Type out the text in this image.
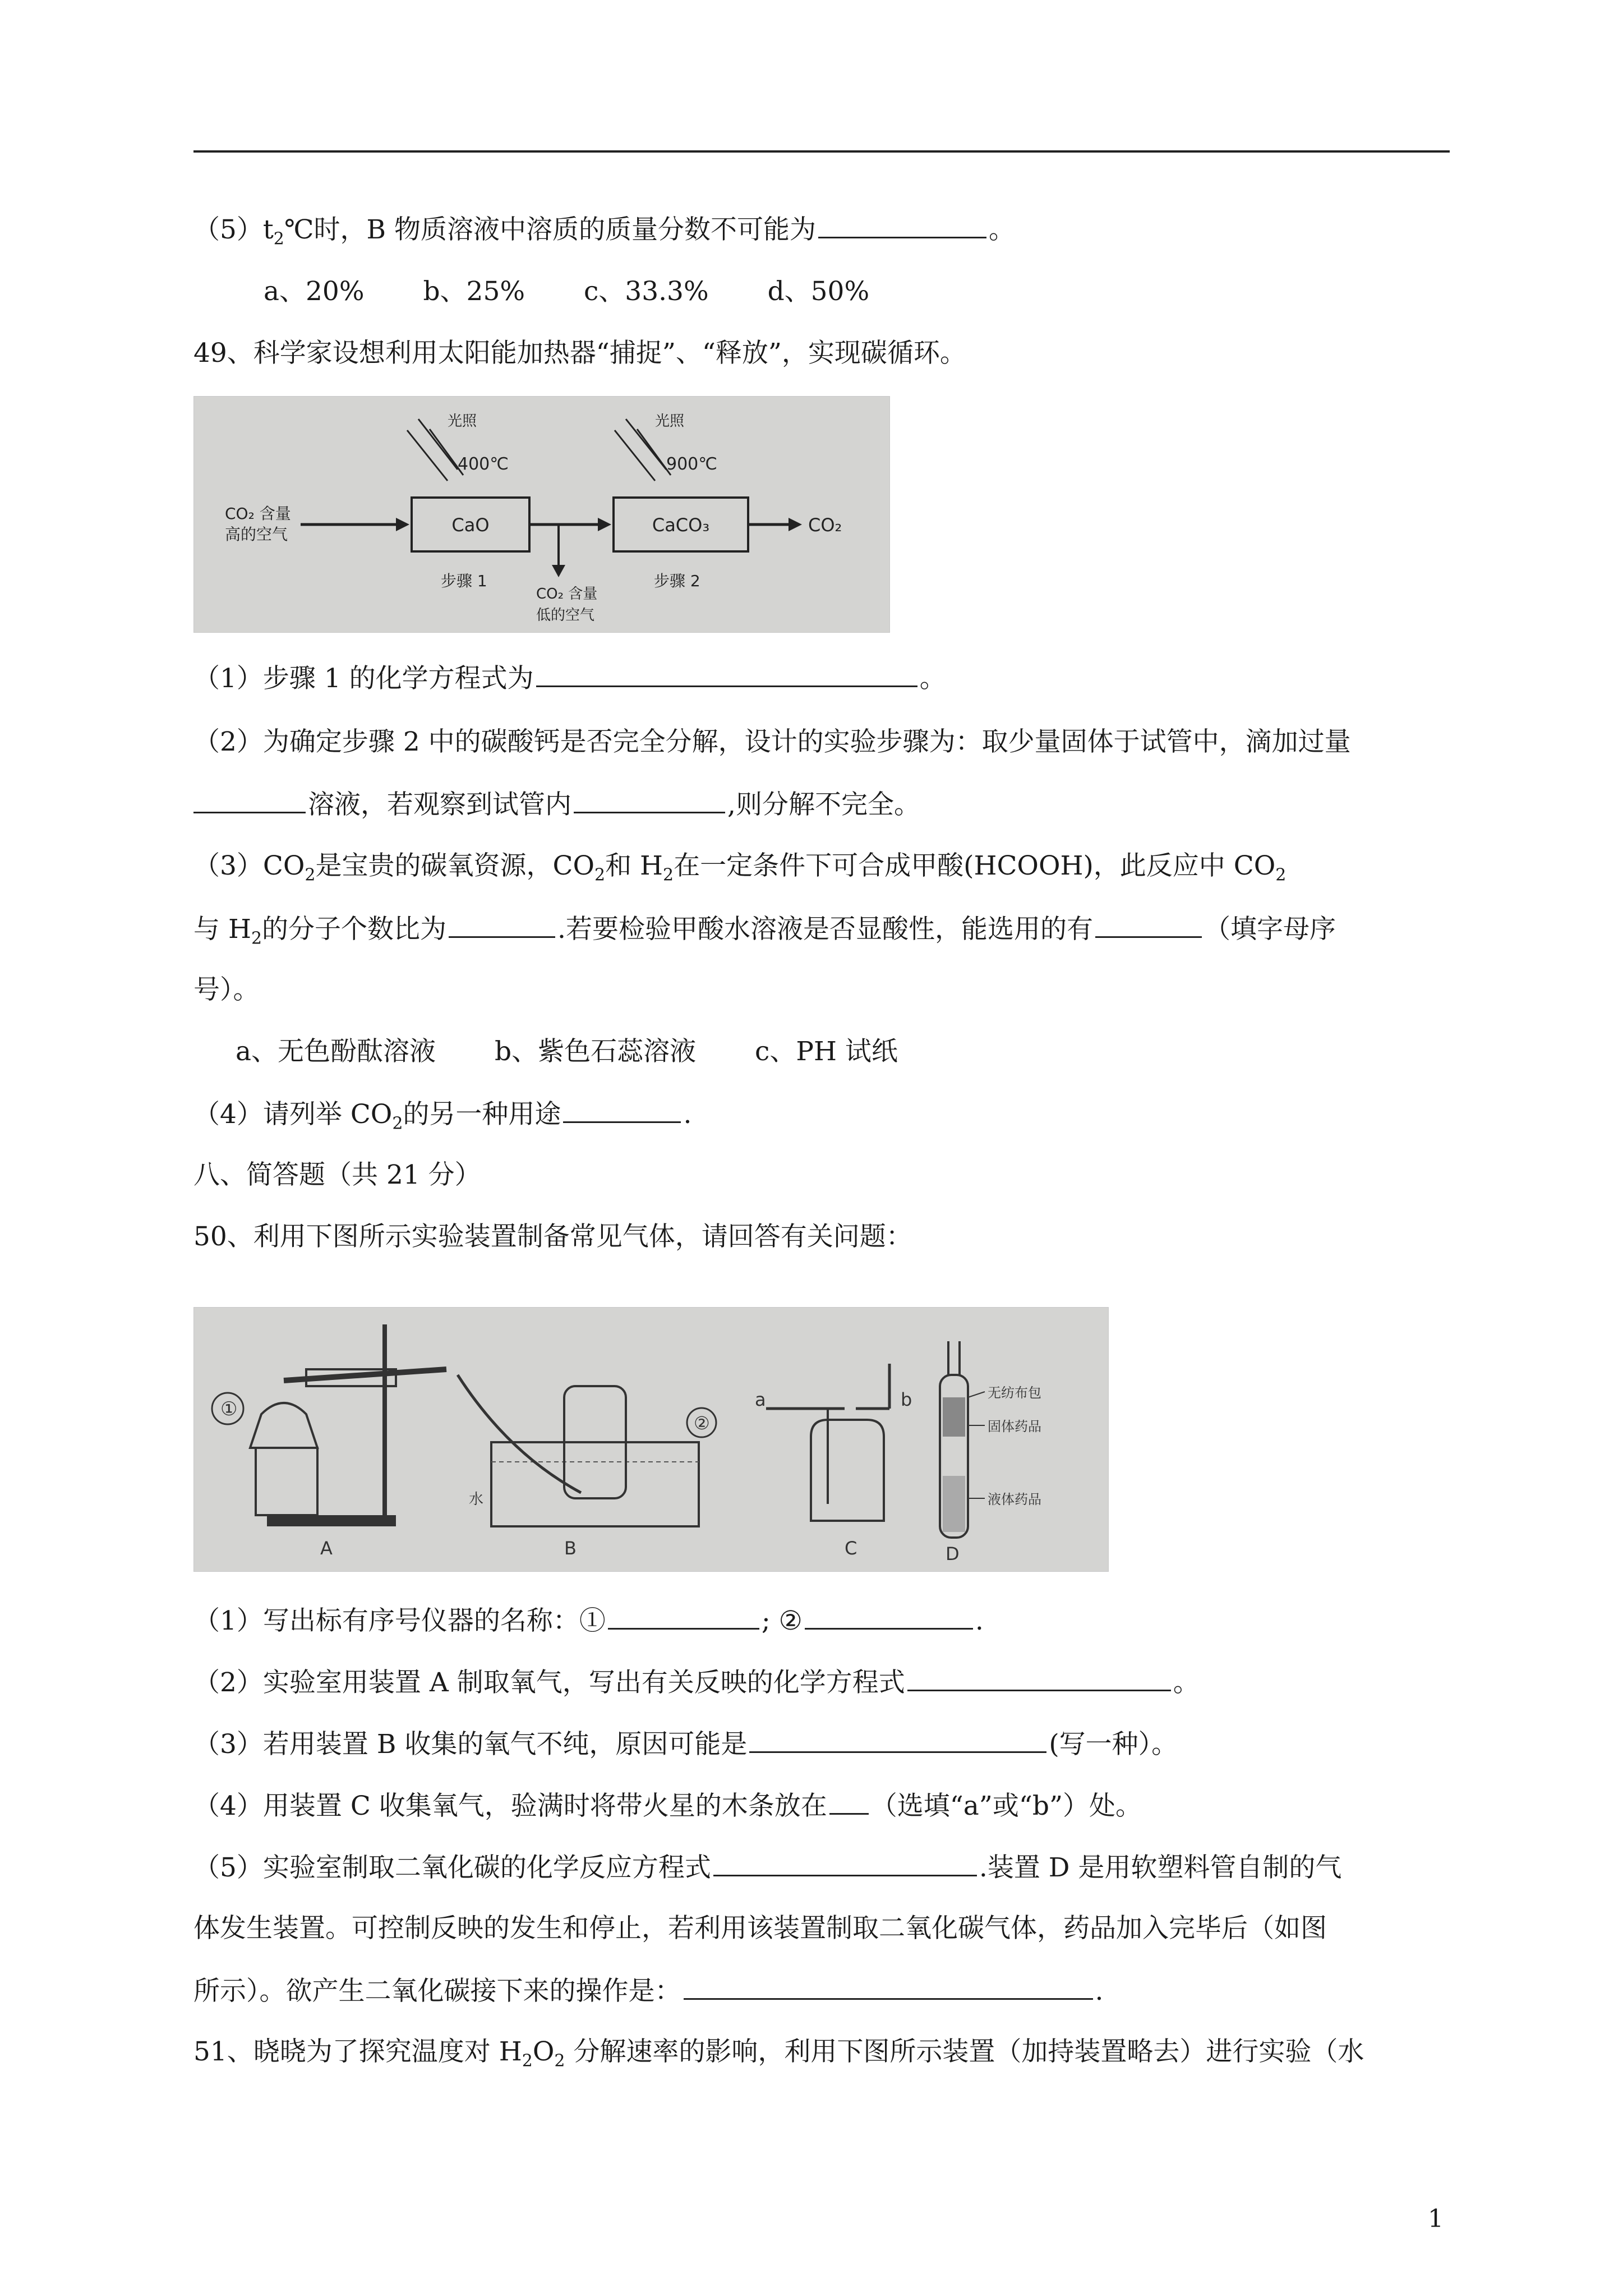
$(5)t_2℃$时，B 物质溶液中溶质的质量分数不可能为	。
a、20% b、25% c、33.3% d、50%
49、科学家设想利用太阳能加热器“捕捉”、“释放”，实现碳循环。
CO₂ 含量
高的空气	CaO
步骤 1
光照
400℃
CO₂ 含量
低的空气
CaCO₃
步骤 2
光照
900℃
CO₂
（1）步骤 1 的化学方程式为	。
（2）为确定步骤 2 中的碳酸钙是否完全分解，设计的实验步骤为：取少量固体于试管中，滴加过量
溶液，若观察到试管内	,则分解不完全。
$(3)CO_2$是宝贵的碳氧资源，$CO_2$和 $H_2$在一定条件下可合成甲酸(HCOOH)，此反应中 $CO_2$
与 $H_2$的分子个数比为	.若要检验甲酸水溶液是否显酸性，能选用的有	（填字母序
号）。
a、无色酚酞溶液 b、紫色石蕊溶液 c、PH 试纸
（4）请列举 $CO_2$的另一种用途	.
八、简答题（共 21 分）
50、利用下图所示实验装置制备常见气体，请回答有关问题：
①
A
②
水
B
a	b
C
无纺布包
固体药品
液体药品
D
（1）写出标有序号仪器的名称：①	; ②	.
（2）实验室用装置 A 制取氧气，写出有关反映的化学方程式	。
（3）若用装置 B 收集的氧气不纯，原因可能是	(写一种）。
（4）用装置 C 收集氧气，验满时将带火星的木条放在 （选填“a”或“b”）处。
（5）实验室制取二氧化碳的化学反应方程式	.装置 D 是用软塑料管自制的气
体发生装置。可控制反映的发生和停止，若利用该装置制取二氧化碳气体，药品加入完毕后（如图
所示）。欲产生二氧化碳接下来的操作是：	.
51、晓晓为了探究温度对 $H_2O_2$ 分解速率的影响，利用下图所示装置（加持装置略去）进行实验（水
1
